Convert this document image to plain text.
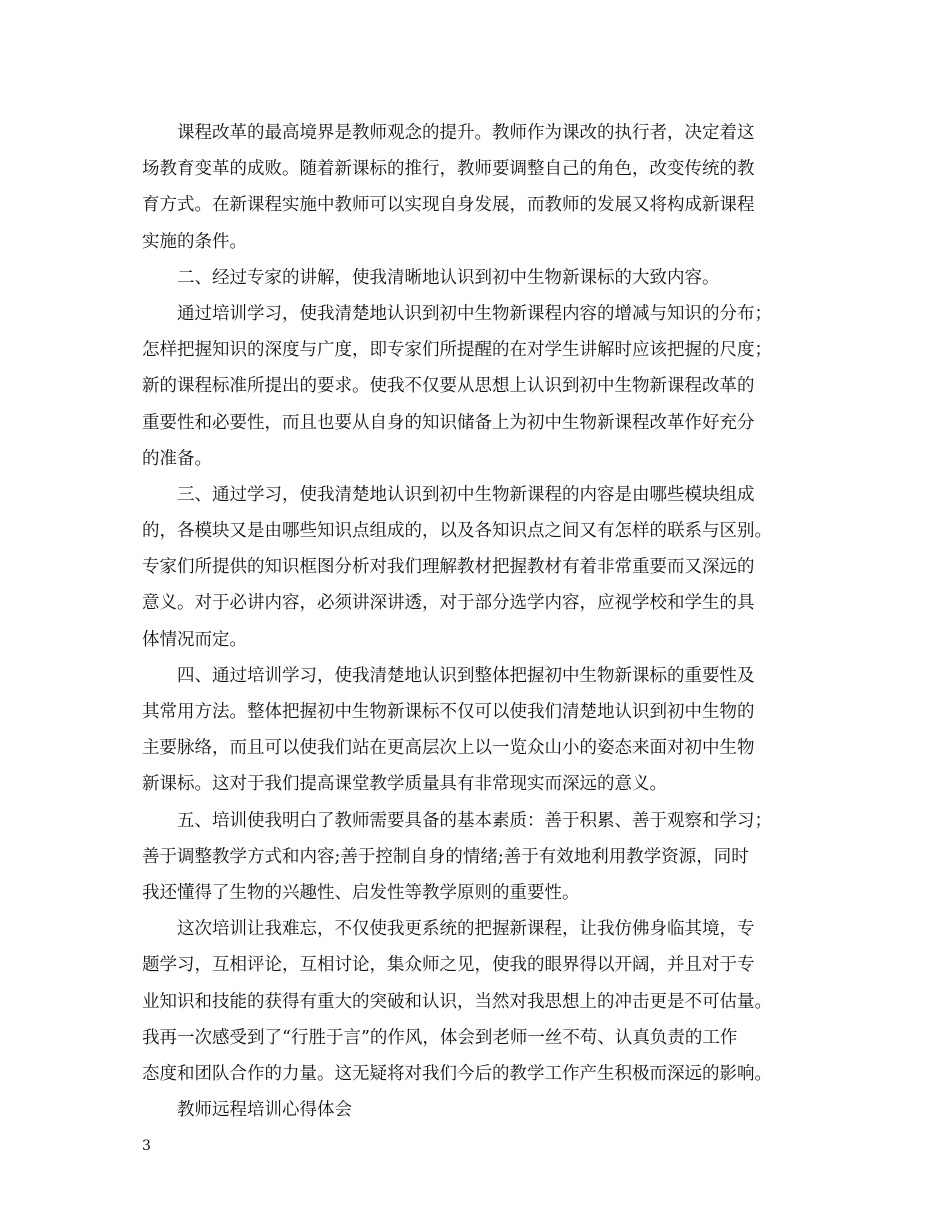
课程改革的最高境界是教师观念的提升。教师作为课改的执行者，决定着这
场教育变革的成败。随着新课标的推行，教师要调整自己的角色，改变传统的教
育方式。在新课程实施中教师可以实现自身发展，而教师的发展又将构成新课程
实施的条件。
二、经过专家的讲解，使我清晰地认识到初中生物新课标的大致内容。
通过培训学习，使我清楚地认识到初中生物新课程内容的增减与知识的分布；
怎样把握知识的深度与广度，即专家们所提醒的在对学生讲解时应该把握的尺度；
新的课程标准所提出的要求。使我不仅要从思想上认识到初中生物新课程改革的
重要性和必要性，而且也要从自身的知识储备上为初中生物新课程改革作好充分
的准备。
三、通过学习，使我清楚地认识到初中生物新课程的内容是由哪些模块组成
的，各模块又是由哪些知识点组成的，以及各知识点之间又有怎样的联系与区别。
专家们所提供的知识框图分析对我们理解教材把握教材有着非常重要而又深远的
意义。对于必讲内容，必须讲深讲透，对于部分选学内容，应视学校和学生的具
体情况而定。
四、通过培训学习，使我清楚地认识到整体把握初中生物新课标的重要性及
其常用方法。整体把握初中生物新课标不仅可以使我们清楚地认识到初中生物的
主要脉络，而且可以使我们站在更高层次上以一览众山小的姿态来面对初中生物
新课标。这对于我们提高课堂教学质量具有非常现实而深远的意义。
五、培训使我明白了教师需要具备的基本素质：善于积累、善于观察和学习；
善于调整教学方式和内容;善于控制自身的情绪;善于有效地利用教学资源，同时
我还懂得了生物的兴趣性、启发性等教学原则的重要性。
这次培训让我难忘，不仅使我更系统的把握新课程，让我仿佛身临其境，专
题学习，互相评论，互相讨论，集众师之见，使我的眼界得以开阔，并且对于专
业知识和技能的获得有重大的突破和认识，当然对我思想上的冲击更是不可估量。
我再一次感受到了“行胜于言”的作风，体会到老师一丝不苟、认真负责的工作
态度和团队合作的力量。这无疑将对我们今后的教学工作产生积极而深远的影响。
教师远程培训心得体会
3
